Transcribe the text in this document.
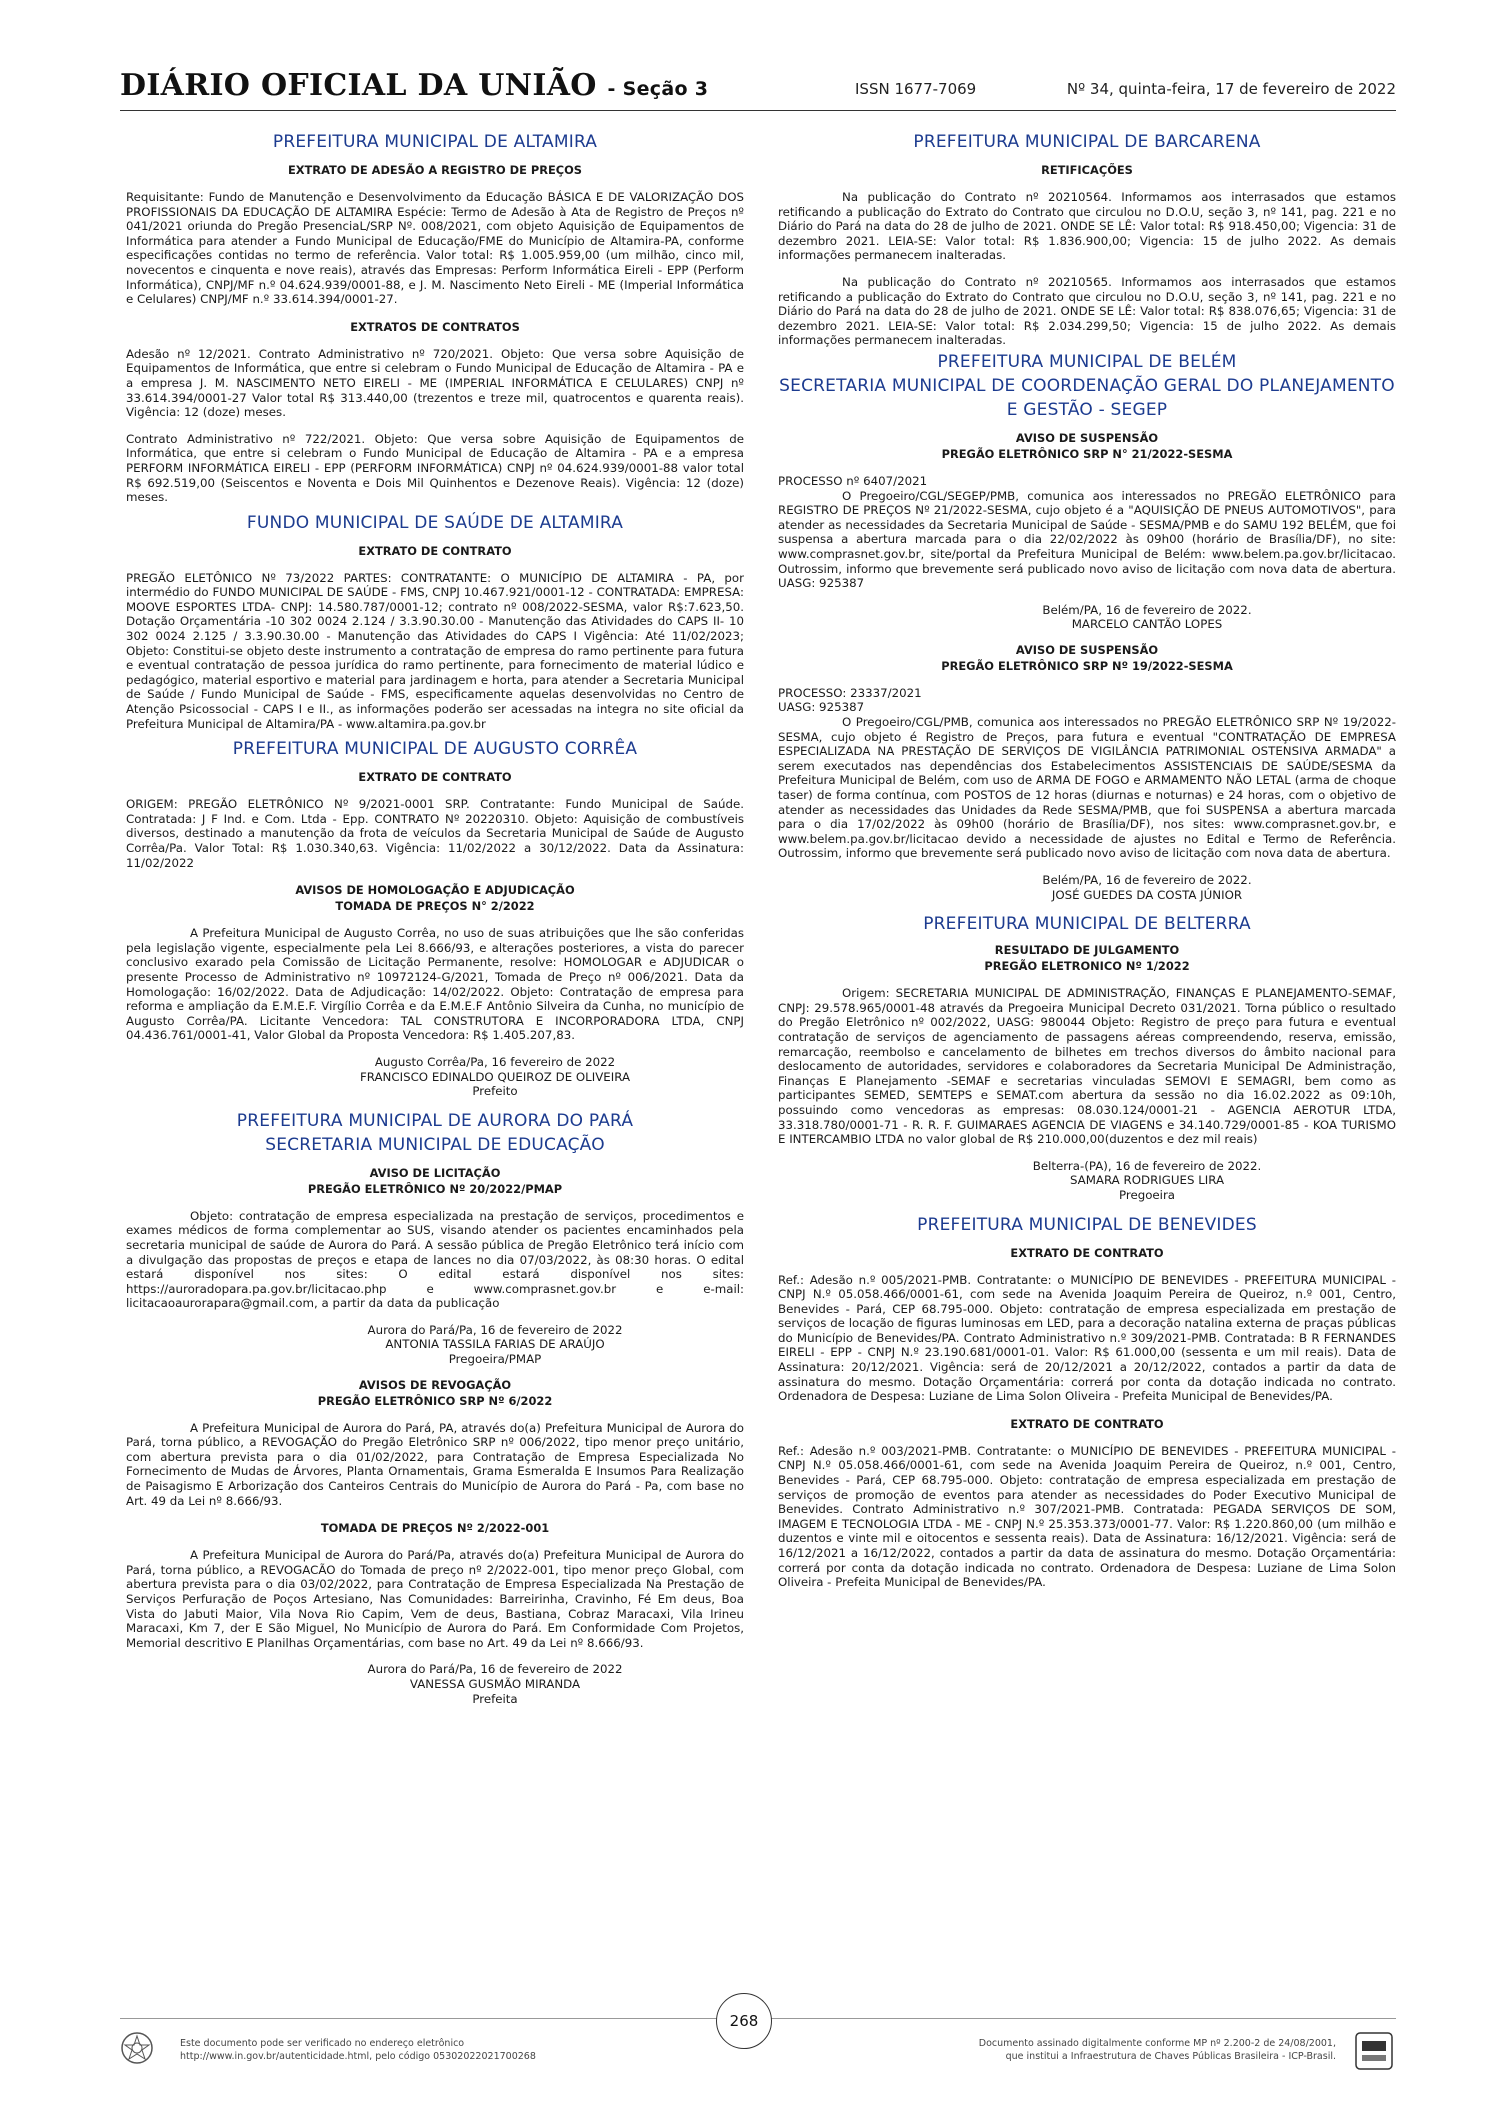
DIÁRIO OFICIAL DA UNIÃO - Seção 3	ISSN 1677-7069	Nº 34, quinta-feira, 17 de fevereiro de 2022
PREFEITURA MUNICIPAL DE ALTAMIRA
EXTRATO DE ADESÃO A REGISTRO DE PREÇOS

Requisitante: Fundo de Manutenção e Desenvolvimento da Educação BÁSICA E DE VALORIZAÇÃO DOS PROFISSIONAIS DA EDUCAÇÃO DE ALTAMIRA Espécie: Termo de Adesão à Ata de Registro de Preços nº 041/2021 oriunda do Pregão PresenciaL/SRP Nº. 008/2021, com objeto Aquisição de Equipamentos de Informática para atender a Fundo Municipal de Educação/FME do Município de Altamira-PA, conforme especificações contidas no termo de referência. Valor total: R$ 1.005.959,00 (um milhão, cinco mil, novecentos e cinquenta e nove reais), através das Empresas: Perform Informática Eireli - EPP (Perform Informática), CNPJ/MF n.º 04.624.939/0001-88, e J. M. Nascimento Neto Eireli - ME (Imperial Informática e Celulares) CNPJ/MF n.º 33.614.394/0001-27.

EXTRATOS DE CONTRATOS

Adesão nº 12/2021. Contrato Administrativo nº 720/2021. Objeto: Que versa sobre Aquisição de Equipamentos de Informática, que entre si celebram o Fundo Municipal de Educação de Altamira - PA e a empresa J. M. NASCIMENTO NETO EIRELI - ME (IMPERIAL INFORMÁTICA E CELULARES) CNPJ nº 33.614.394/0001-27 Valor total R$ 313.440,00 (trezentos e treze mil, quatrocentos e quarenta reais). Vigência: 12 (doze) meses.

Contrato Administrativo nº 722/2021. Objeto: Que versa sobre Aquisição de Equipamentos de Informática, que entre si celebram o Fundo Municipal de Educação de Altamira - PA e a empresa PERFORM INFORMÁTICA EIRELI - EPP (PERFORM INFORMÁTICA) CNPJ nº 04.624.939/0001-88 valor total R$ 692.519,00 (Seiscentos e Noventa e Dois Mil Quinhentos e Dezenove Reais). Vigência: 12 (doze) meses.

FUNDO MUNICIPAL DE SAÚDE DE ALTAMIRA
EXTRATO DE CONTRATO

PREGÃO ELETÔNICO Nº 73/2022 PARTES: CONTRATANTE: O MUNICÍPIO DE ALTAMIRA - PA, por intermédio do FUNDO MUNICIPAL DE SAÚDE - FMS, CNPJ 10.467.921/0001-12 - CONTRATADA: EMPRESA: MOOVE ESPORTES LTDA- CNPJ: 14.580.787/0001-12; contrato nº 008/2022-SESMA, valor R$:7.623,50. Dotação Orçamentária -10 302 0024 2.124 / 3.3.90.30.00 - Manutenção das Atividades do CAPS II- 10 302 0024 2.125 / 3.3.90.30.00 - Manutenção das Atividades do CAPS I Vigência: Até 11/02/2023; Objeto: Constitui-se objeto deste instrumento a contratação de empresa do ramo pertinente para futura e eventual contratação de pessoa jurídica do ramo pertinente, para fornecimento de material lúdico e pedagógico, material esportivo e material para jardinagem e horta, para atender a Secretaria Municipal de Saúde / Fundo Municipal de Saúde - FMS, especificamente aquelas desenvolvidas no Centro de Atenção Psicossocial - CAPS I e II., as informações poderão ser acessadas na integra no site oficial da Prefeitura Municipal de Altamira/PA - www.altamira.pa.gov.br

PREFEITURA MUNICIPAL DE AUGUSTO CORRÊA
EXTRATO DE CONTRATO

ORIGEM: PREGÃO ELETRÔNICO Nº 9/2021-0001 SRP. Contratante: Fundo Municipal de Saúde. Contratada: J F Ind. e Com. Ltda - Epp. CONTRATO Nº 20220310. Objeto: Aquisição de combustíveis diversos, destinado a manutenção da frota de veículos da Secretaria Municipal de Saúde de Augusto Corrêa/Pa. Valor Total: R$ 1.030.340,63. Vigência: 11/02/2022 a 30/12/2022. Data da Assinatura: 11/02/2022

AVISOS DE HOMOLOGAÇÃO E ADJUDICAÇÃO
TOMADA DE PREÇOS N° 2/2022

A Prefeitura Municipal de Augusto Corrêa, no uso de suas atribuições que lhe são conferidas pela legislação vigente, especialmente pela Lei 8.666/93, e alterações posteriores, a vista do parecer conclusivo exarado pela Comissão de Licitação Permanente, resolve: HOMOLOGAR e ADJUDICAR o presente Processo de Administrativo nº 10972124-G/2021, Tomada de Preço nº 006/2021. Data da Homologação: 16/02/2022. Data de Adjudicação: 14/02/2022. Objeto: Contratação de empresa para reforma e ampliação da E.M.E.F. Virgílio Corrêa e da E.M.E.F Antônio Silveira da Cunha, no município de Augusto Corrêa/PA. Licitante Vencedora: TAL CONSTRUTORA E INCORPORADORA LTDA, CNPJ 04.436.761/0001-41, Valor Global da Proposta Vencedora: R$ 1.405.207,83.

Augusto Corrêa/Pa, 16 fevereiro de 2022
FRANCISCO EDINALDO QUEIROZ DE OLIVEIRA
Prefeito
PREFEITURA MUNICIPAL DE AURORA DO PARÁ
SECRETARIA MUNICIPAL DE EDUCAÇÃO
AVISO DE LICITAÇÃO
PREGÃO ELETRÔNICO Nº 20/2022/PMAP

Objeto: contratação de empresa especializada na prestação de serviços, procedimentos e exames médicos de forma complementar ao SUS, visando atender os pacientes encaminhados pela secretaria municipal de saúde de Aurora do Pará. A sessão pública de Pregão Eletrônico terá início com a divulgação das propostas de preços e etapa de lances no dia 07/03/2022, às 08:30 horas. O edital estará disponível nos sites: O edital estará disponível nos sites: https://auroradopara.pa.gov.br/licitacao.php e www.comprasnet.gov.br e e-mail: licitacaoaurorapara@gmail.com, a partir da data da publicação

Aurora do Pará/Pa, 16 de fevereiro de 2022
ANTONIA TASSILA FARIAS DE ARAÚJO
Pregoeira/PMAP
AVISOS DE REVOGAÇÃO
PREGÃO ELETRÔNICO SRP Nº 6/2022

A Prefeitura Municipal de Aurora do Pará, PA, através do(a) Prefeitura Municipal de Aurora do Pará, torna público, a REVOGAÇÃO do Pregão Eletrônico SRP nº 006/2022, tipo menor preço unitário, com abertura prevista para o dia 01/02/2022, para Contratação de Empresa Especializada No Fornecimento de Mudas de Árvores, Planta Ornamentais, Grama Esmeralda E Insumos Para Realização de Paisagismo E Arborização dos Canteiros Centrais do Município de Aurora do Pará - Pa, com base no Art. 49 da Lei nº 8.666/93.

TOMADA DE PREÇOS Nº 2/2022-001

A Prefeitura Municipal de Aurora do Pará/Pa, através do(a) Prefeitura Municipal de Aurora do Pará, torna público, a REVOGACÃO do Tomada de preço nº 2/2022-001, tipo menor preço Global, com abertura prevista para o dia 03/02/2022, para Contratação de Empresa Especializada Na Prestação de Serviços Perfuração de Poços Artesiano, Nas Comunidades: Barreirinha, Cravinho, Fé Em deus, Boa Vista do Jabuti Maior, Vila Nova Rio Capim, Vem de deus, Bastiana, Cobraz Maracaxi, Vila Irineu Maracaxi, Km 7, der E São Miguel, No Município de Aurora do Pará. Em Conformidade Com Projetos, Memorial descritivo E Planilhas Orçamentárias, com base no Art. 49 da Lei nº 8.666/93.

Aurora do Pará/Pa, 16 de fevereiro de 2022
VANESSA GUSMÃO MIRANDA
Prefeita
PREFEITURA MUNICIPAL DE BARCARENA
RETIFICAÇÕES

Na publicação do Contrato nº 20210564. Informamos aos interrasados que estamos retificando a publicação do Extrato do Contrato que circulou no D.O.U, seção 3, nº 141, pag. 221 e no Diário do Pará na data do 28 de julho de 2021. ONDE SE LÊ: Valor total: R$ 918.450,00; Vigencia: 31 de dezembro 2021. LEIA-SE: Valor total: R$ 1.836.900,00; Vigencia: 15 de julho 2022. As demais informações permanecem inalteradas.

Na publicação do Contrato nº 20210565. Informamos aos interrasados que estamos retificando a publicação do Extrato do Contrato que circulou no D.O.U, seção 3, nº 141, pag. 221 e no Diário do Pará na data do 28 de julho de 2021. ONDE SE LÊ: Valor total: R$ 838.076,65; Vigencia: 31 de dezembro 2021. LEIA-SE: Valor total: R$ 2.034.299,50; Vigencia: 15 de julho 2022. As demais informações permanecem inalteradas.

PREFEITURA MUNICIPAL DE BELÉM
SECRETARIA MUNICIPAL DE COORDENAÇÃO GERAL DO PLANEJAMENTO E GESTÃO - SEGEP
AVISO DE SUSPENSÃO
PREGÃO ELETRÔNICO SRP N° 21/2022-SESMA

PROCESSO nº 6407/2021

O Pregoeiro/CGL/SEGEP/PMB, comunica aos interessados no PREGÃO ELETRÔNICO para REGISTRO DE PREÇOS Nº 21/2022-SESMA, cujo objeto é a "AQUISIÇÃO DE PNEUS AUTOMOTIVOS", para atender as necessidades da Secretaria Municipal de Saúde - SESMA/PMB e do SAMU 192 BELÉM, que foi suspensa a abertura marcada para o dia 22/02/2022 às 09h00 (horário de Brasília/DF), no site: www.comprasnet.gov.br, site/portal da Prefeitura Municipal de Belém: www.belem.pa.gov.br/licitacao. Outrossim, informo que brevemente será publicado novo aviso de licitação com nova data de abertura. UASG: 925387

Belém/PA, 16 de fevereiro de 2022.
MARCELO CANTÃO LOPES
AVISO DE SUSPENSÃO
PREGÃO ELETRÔNICO SRP Nº 19/2022-SESMA

PROCESSO: 23337/2021

UASG: 925387

O Pregoeiro/CGL/PMB, comunica aos interessados no PREGÃO ELETRÔNICO SRP Nº 19/2022-SESMA, cujo objeto é Registro de Preços, para futura e eventual "CONTRATAÇÃO DE EMPRESA ESPECIALIZADA NA PRESTAÇÃO DE SERVIÇOS DE VIGILÂNCIA PATRIMONIAL OSTENSIVA ARMADA" a serem executados nas dependências dos Estabelecimentos ASSISTENCIAIS DE SAÚDE/SESMA da Prefeitura Municipal de Belém, com uso de ARMA DE FOGO e ARMAMENTO NÃO LETAL (arma de choque taser) de forma contínua, com POSTOS de 12 horas (diurnas e noturnas) e 24 horas, com o objetivo de atender as necessidades das Unidades da Rede SESMA/PMB, que foi SUSPENSA a abertura marcada para o dia 17/02/2022 às 09h00 (horário de Brasília/DF), nos sites: www.comprasnet.gov.br, e www.belem.pa.gov.br/licitacao devido a necessidade de ajustes no Edital e Termo de Referência. Outrossim, informo que brevemente será publicado novo aviso de licitação com nova data de abertura.

Belém/PA, 16 de fevereiro de 2022.
JOSÉ GUEDES DA COSTA JÚNIOR
PREFEITURA MUNICIPAL DE BELTERRA
RESULTADO DE JULGAMENTO
PREGÃO ELETRONICO Nº 1/2022

Origem: SECRETARIA MUNICIPAL DE ADMINISTRAÇÃO, FINANÇAS E PLANEJAMENTO-SEMAF, CNPJ: 29.578.965/0001-48 através da Pregoeira Municipal Decreto 031/2021. Torna público o resultado do Pregão Eletrônico nº 002/2022, UASG: 980044 Objeto: Registro de preço para futura e eventual contratação de serviços de agenciamento de passagens aéreas compreendendo, reserva, emissão, remarcação, reembolso e cancelamento de bilhetes em trechos diversos do âmbito nacional para deslocamento de autoridades, servidores e colaboradores da Secretaria Municipal De Administração, Finanças E Planejamento -SEMAF e secretarias vinculadas SEMOVI E SEMAGRI, bem como as participantes SEMED, SEMTEPS e SEMAT.com abertura da sessão no dia 16.02.2022 as 09:10h, possuindo como vencedoras as empresas: 08.030.124/0001-21 - AGENCIA AEROTUR LTDA, 33.318.780/0001-71 - R. R. F. GUIMARAES AGENCIA DE VIAGENS e 34.140.729/0001-85 - KOA TURISMO E INTERCAMBIO LTDA no valor global de R$ 210.000,00(duzentos e dez mil reais)

Belterra-(PA), 16 de fevereiro de 2022.
SAMARA RODRIGUES LIRA
Pregoeira
PREFEITURA MUNICIPAL DE BENEVIDES
EXTRATO DE CONTRATO

Ref.: Adesão n.º 005/2021-PMB. Contratante: o MUNICÍPIO DE BENEVIDES - PREFEITURA MUNICIPAL - CNPJ N.º 05.058.466/0001-61, com sede na Avenida Joaquim Pereira de Queiroz, n.º 001, Centro, Benevides - Pará, CEP 68.795-000. Objeto: contratação de empresa especializada em prestação de serviços de locação de figuras luminosas em LED, para a decoração natalina externa de praças públicas do Município de Benevides/PA. Contrato Administrativo n.º 309/2021-PMB. Contratada: B R FERNANDES EIRELI - EPP - CNPJ N.º 23.190.681/0001-01. Valor: R$ 61.000,00 (sessenta e um mil reais). Data de Assinatura: 20/12/2021. Vigência: será de 20/12/2021 a 20/12/2022, contados a partir da data de assinatura do mesmo. Dotação Orçamentária: correrá por conta da dotação indicada no contrato. Ordenadora de Despesa: Luziane de Lima Solon Oliveira - Prefeita Municipal de Benevides/PA.

EXTRATO DE CONTRATO

Ref.: Adesão n.º 003/2021-PMB. Contratante: o MUNICÍPIO DE BENEVIDES - PREFEITURA MUNICIPAL - CNPJ N.º 05.058.466/0001-61, com sede na Avenida Joaquim Pereira de Queiroz, n.º 001, Centro, Benevides - Pará, CEP 68.795-000. Objeto: contratação de empresa especializada em prestação de serviços de promoção de eventos para atender as necessidades do Poder Executivo Municipal de Benevides. Contrato Administrativo n.º 307/2021-PMB. Contratada: PEGADA SERVIÇOS DE SOM, IMAGEM E TECNOLOGIA LTDA - ME - CNPJ N.º 25.353.373/0001-77. Valor: R$ 1.220.860,00 (um milhão e duzentos e vinte mil e oitocentos e sessenta reais). Data de Assinatura: 16/12/2021. Vigência: será de 16/12/2021 a 16/12/2022, contados a partir da data de assinatura do mesmo. Dotação Orçamentária: correrá por conta da dotação indicada no contrato. Ordenadora de Despesa: Luziane de Lima Solon Oliveira - Prefeita Municipal de Benevides/PA.

Este documento pode ser verificado no endereço eletrônico
http://www.in.gov.br/autenticidade.html, pelo código 05302022021700268
268
Documento assinado digitalmente conforme MP nº 2.200-2 de 24/08/2001,
que institui a Infraestrutura de Chaves Públicas Brasileira - ICP-Brasil.
